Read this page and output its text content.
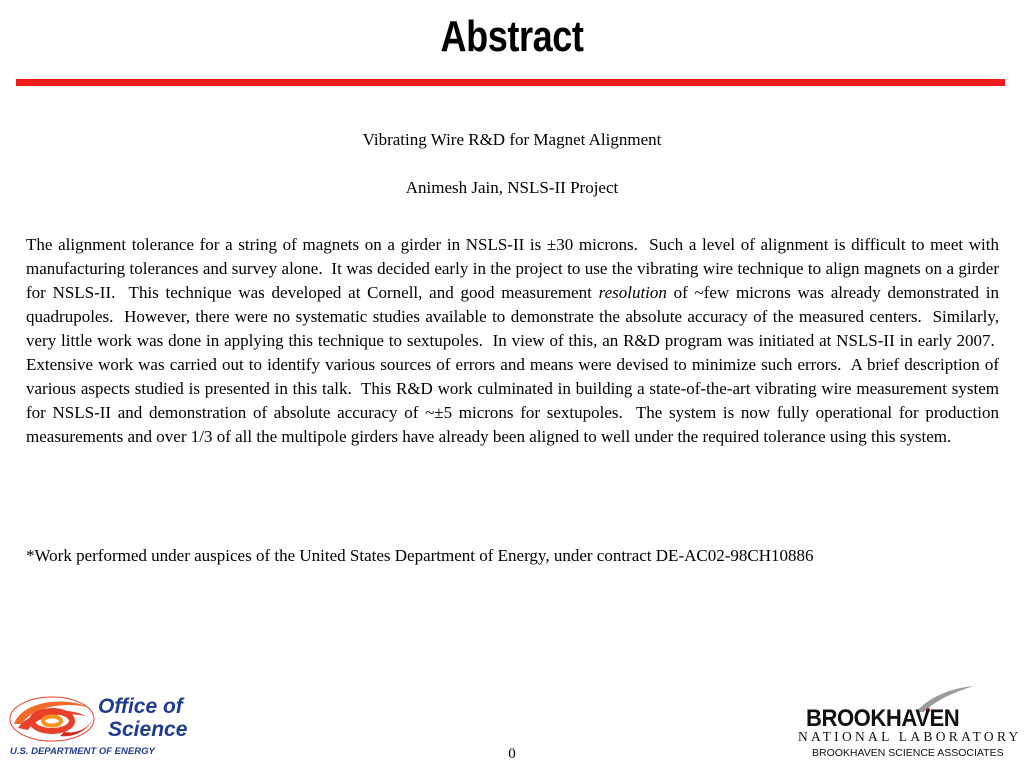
Abstract
Vibrating Wire R&D for Magnet Alignment
Animesh Jain, NSLS-II Project

The alignment tolerance for a string of magnets on a girder in NSLS-II is ±30 microns.  Such a level of alignment is difficult to meet with manufacturing tolerances and survey alone.  It was decided early in the project to use the vibrating wire technique to align magnets on a girder for NSLS-II.  This technique was developed at Cornell, and good measurement resolution of ~few microns was already demonstrated in quadrupoles.  However, there were no systematic studies available to demonstrate the absolute accuracy of the measured centers.  Similarly, very little work was done in applying this technique to sextupoles.  In view of this, an R&D program was initiated at NSLS-II in early 2007.  Extensive work was carried out to identify various sources of errors and means were devised to minimize such errors.  A brief description of various aspects studied is presented in this talk.  This R&D work culminated in building a state-of-the-art vibrating wire measurement system for NSLS-II and demonstration of absolute accuracy of ~±5 microns for sextupoles.  The system is now fully operational for production measurements and over 1/3 of all the multipole girders have already been aligned to well under the required tolerance using this system.

*Work performed under auspices of the United States Department of Energy, under contract DE-AC02-98CH10886
0
Office of
Science
U.S. DEPARTMENT OF ENERGY
BROOKHAVEN
NATIONAL LABORATORY
BROOKHAVEN SCIENCE ASSOCIATES
